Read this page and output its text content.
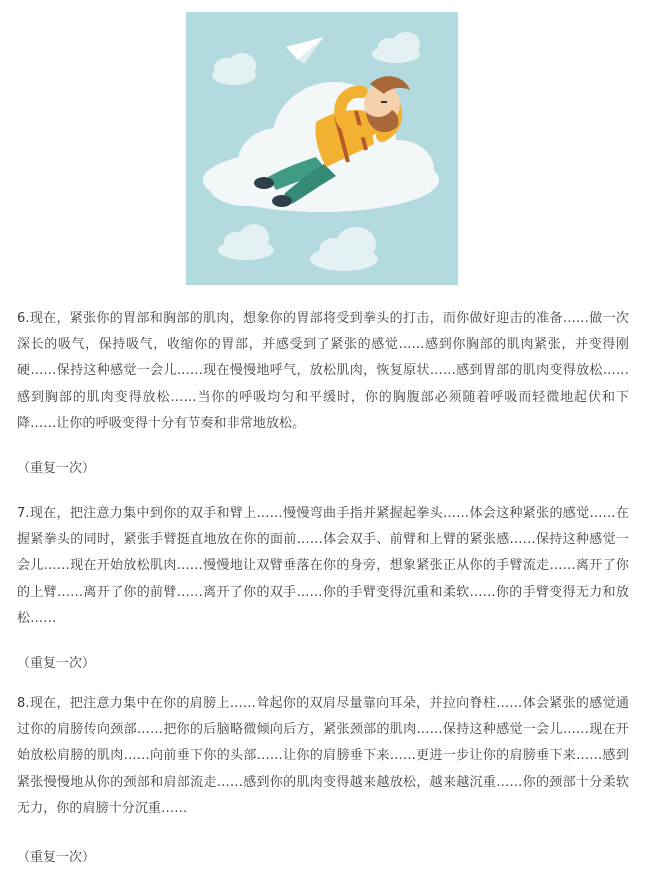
6.现在，紧张你的胃部和胸部的肌肉，想象你的胃部将受到拳头的打击，而你做好迎击的准备……做一次深长的吸气，保持吸气，收缩你的胃部，并感受到了紧张的感觉……感到你胸部的肌肉紧张，并变得刚硬……保持这种感觉一会儿……现在慢慢地呼气，放松肌肉，恢复原状……感到胃部的肌肉变得放松……感到胸部的肌肉变得放松……当你的呼吸均匀和平缓时，你的胸腹部必须随着呼吸而轻微地起伏和下降……让你的呼吸变得十分有节奏和非常地放松。

（重复一次）

7.现在，把注意力集中到你的双手和臂上……慢慢弯曲手指并紧握起拳头……体会这种紧张的感觉……在握紧拳头的同时，紧张手臂挺直地放在你的面前……体会双手、前臂和上臂的紧张感……保持这种感觉一会儿……现在开始放松肌肉……慢慢地让双臂垂落在你的身旁，想象紧张正从你的手臂流走……离开了你的上臂……离开了你的前臂……离开了你的双手……你的手臂变得沉重和柔软……你的手臂变得无力和放松……

（重复一次）

8.现在，把注意力集中在你的肩膀上……耸起你的双肩尽量靠向耳朵，并拉向脊柱……体会紧张的感觉通过你的肩膀传向颈部……把你的后脑略微倾向后方，紧张颈部的肌肉……保持这种感觉一会儿……现在开始放松肩膀的肌肉……向前垂下你的头部……让你的肩膀垂下来……更进一步让你的肩膀垂下来……感到紧张慢慢地从你的颈部和肩部流走……感到你的肌肉变得越来越放松，越来越沉重……你的颈部十分柔软无力，你的肩膀十分沉重……

（重复一次）
